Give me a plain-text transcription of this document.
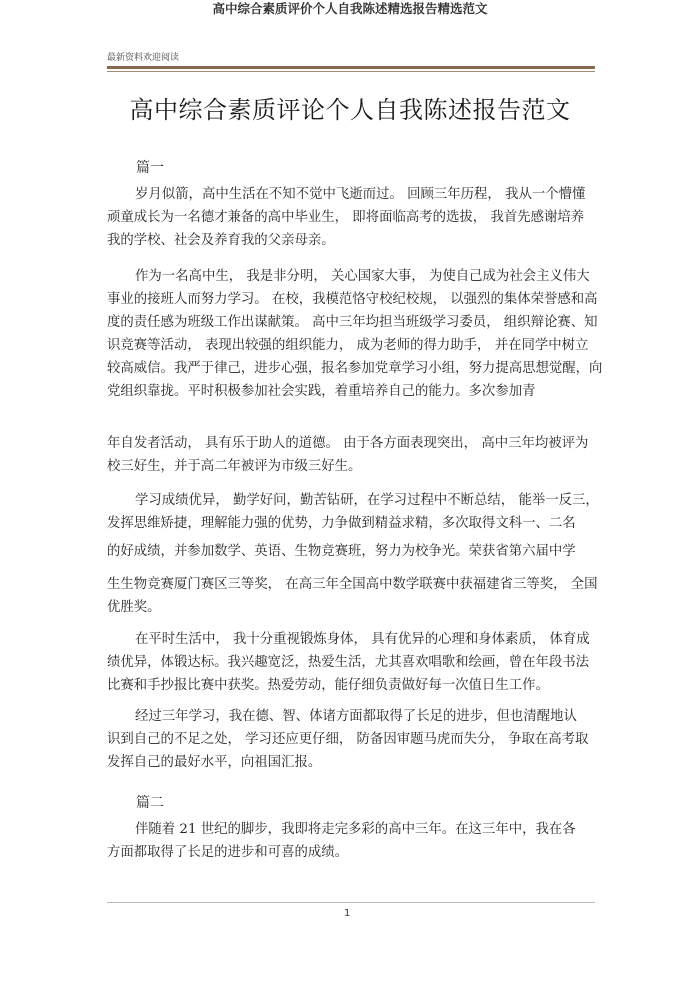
高中综合素质评价个人自我陈述精选报告精选范文
最新资料欢迎阅读
高中综合素质评论个人自我陈述报告范文
篇一
岁月似箭，高中生活在不知不觉中飞逝而过。 回顾三年历程， 我从一个懵懂
顽童成长为一名德才兼备的高中毕业生， 即将面临高考的选拔， 我首先感谢培养
我的学校、社会及养育我的父亲母亲。
作为一名高中生， 我是非分明， 关心国家大事， 为使自己成为社会主义伟大
事业的接班人而努力学习。 在校，我模范恪守校纪校规， 以强烈的集体荣誉感和高
度的责任感为班级工作出谋献策。 高中三年均担当班级学习委员， 组织辩论赛、知
识竞赛等活动， 表现出较强的组织能力， 成为老师的得力助手， 并在同学中树立
较高威信。我严于律己，进步心强，报名参加党章学习小组，努力提高思想觉醒，向
党组织靠拢。平时积极参加社会实践，着重培养自己的能力。多次参加青
年自发者活动， 具有乐于助人的道德。 由于各方面表现突出， 高中三年均被评为
校三好生，并于高二年被评为市级三好生。
学习成绩优异， 勤学好问，勤苦钻研，在学习过程中不断总结， 能举一反三，
发挥思维矫捷，理解能力强的优势，力争做到精益求精，多次取得文科一、二名
的好成绩，并参加数学、英语、生物竞赛班，努力为校争光。荣获省第六届中学
生生物竞赛厦门赛区三等奖， 在高三年全国高中数学联赛中获福建省三等奖， 全国
优胜奖。
在平时生活中， 我十分重视锻炼身体， 具有优异的心理和身体素质， 体育成
绩优异，体锻达标。我兴趣宽泛，热爱生活，尤其喜欢唱歌和绘画，曾在年段书法
比赛和手抄报比赛中获奖。热爱劳动，能仔细负责做好每一次值日生工作。
经过三年学习，我在德、智、体诸方面都取得了长足的进步，但也清醒地认
识到自己的不足之处， 学习还应更仔细， 防备因审题马虎而失分， 争取在高考取
发挥自己的最好水平，向祖国汇报。
篇二
伴随着 21 世纪的脚步，我即将走完多彩的高中三年。在这三年中，我在各
方面都取得了长足的进步和可喜的成绩。
1
